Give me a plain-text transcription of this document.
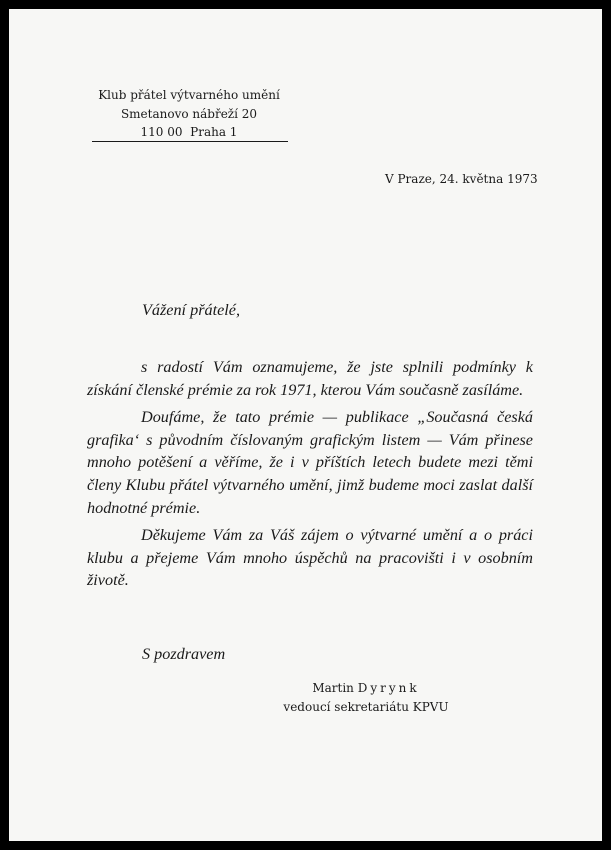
Klub přátel výtvarného umění
Smetanovo nábřeží 20
110 00  Praha 1
V Praze, 24. května 1973
Vážení přátelé,

s radostí Vám oznamujeme, že jste splnili podmínky k získání členské prémie za rok 1971, kterou Vám současně zasíláme.

Doufáme, že tato prémie — publikace „Současná česká grafika‘ s původním číslovaným grafickým listem — Vám přinese mnoho potěšení a věříme, že i v příštích letech budete mezi těmi členy Klubu přátel výtvarného umění, jimž budeme moci zaslat další hodnotné prémie.

Děkujeme Vám za Váš zájem o výtvarné umění a o práci klubu a přejeme Vám mnoho úspěchů na pracovišti i v osobním životě.

S pozdravem
Martin Dyrynk
vedoucí sekretariátu KPVU
